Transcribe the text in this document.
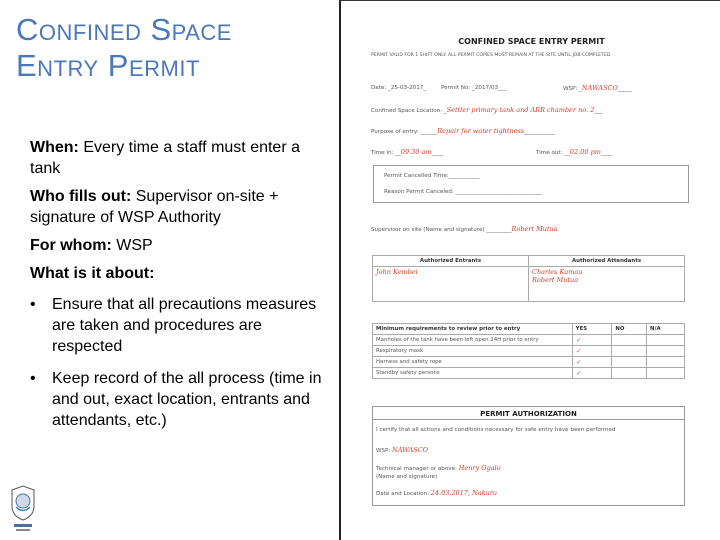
Confined Space
Entry Permit
When: Every time a staff must enter a tank
Who fills out: Supervisor on-site + signature of WSP Authority
For whom: WSP
What is it about:
• Ensure that all precautions measures are taken and procedures are respected
• Keep record of the all process (time in and out, exact location, entrants and attendants, etc.)
CONFINED SPACE ENTRY PERMIT
PERMIT VALID FOR 1 SHIFT ONLY. ALL PERMIT COPIES MUST REMAIN AT THE SITE UNTIL JOB COMPLETED
Date: _25-03-2017_	Permit No: _2017/03___	WSP: _NAWASCO_____
Confined Space Location: _Settler primary tank and ARR chamber no. 2___
Purpose of entry: ______Repair for water tightness___________
Time in: __09.30 am____	Time out: __02.00 pm____
Permit Cancelled Time:___________
Reason Permit Canceled: _______________________________
Supervisor on site (Name and signature) _________Robert Mutua
Authorized Entrants	Authorized Attendants

John Kembei	Charles Kamau
Robert Mutua
Minimum requirements to review prior to entry	YES	NO	N/A
Manholes of the tank have been left open 24H prior to entry	✓		
Respiratory mask	✓		
Harness and safety rope	✓		
Standby safety persons	✓		
PERMIT AUTHORIZATION
I certify that all actions and conditions necessary for safe entry have been performed
WSP: NAWASCO
Technical manager or above: Henry Ogalo
(Name and signature)
Date and Location: 24.03.2017, Nakuru
